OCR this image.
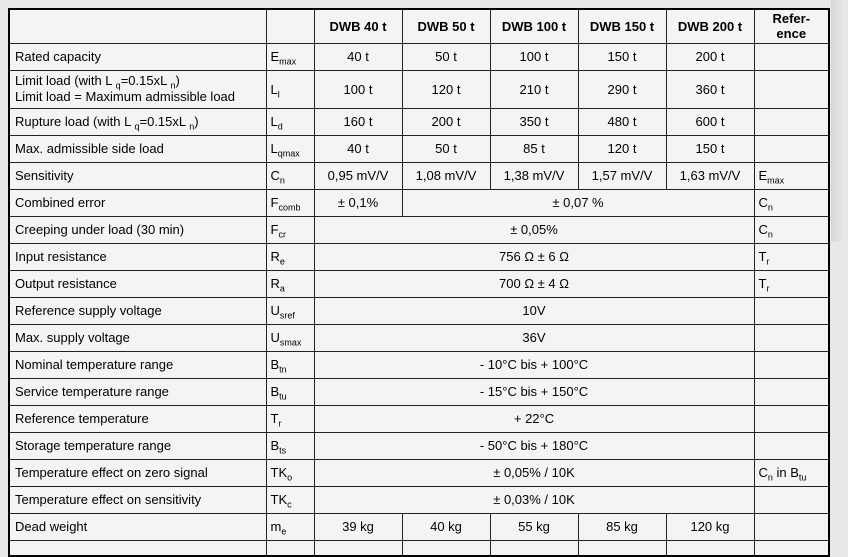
		DWB 40 t	DWB 50 t	DWB 100 t	DWB 150 t	DWB 200 t	Refer-
ence
Rated capacity	$E_{max}$	40 t	50 t	100 t	150 t	200 t	
Limit load (with L $_q$=0.15xL $_n$)
Limit load = Maximum admissible load	$L_l$	100 t	120 t	210 t	290 t	360 t	
Rupture load (with L $_q$=0.15xL $_n$)	$L_d$	160 t	200 t	350 t	480 t	600 t	
Max. admissible side load	$L_{qmax}$	40 t	50 t	85 t	120 t	150 t	
Sensitivity	$C_n$	0,95 mV/V	1,08 mV/V	1,38 mV/V	1,57 mV/V	1,63 mV/V	$E_{max}$
Combined error	$F_{comb}$	± 0,1%	± 0,07 %				$C_n$
Creeping under load (30 min)	$F_{cr}$	± 0,05%					$C_n$
Input resistance	$R_e$	756 Ω ± 6 Ω					$T_r$
Output resistance	$R_a$	700 Ω ± 4 Ω					$T_r$
Reference supply voltage	$U_{sref}$	10V					
Max. supply voltage	$U_{smax}$	36V					
Nominal temperature range	$B_{tn}$	- 10°C bis + 100°C					
Service temperature range	$B_{tu}$	- 15°C bis + 150°C					
Reference temperature	$T_r$	+ 22°C					
Storage temperature range	$B_{ts}$	- 50°C bis + 180°C					
Temperature effect on zero signal	$TK_o$	± 0,05% / 10K					$C_n$ in $B_{tu}$
Temperature effect on sensitivity	$TK_c$	± 0,03% / 10K					
Dead weight	$m_e$	39 kg	40 kg	55 kg	85 kg	120 kg	
